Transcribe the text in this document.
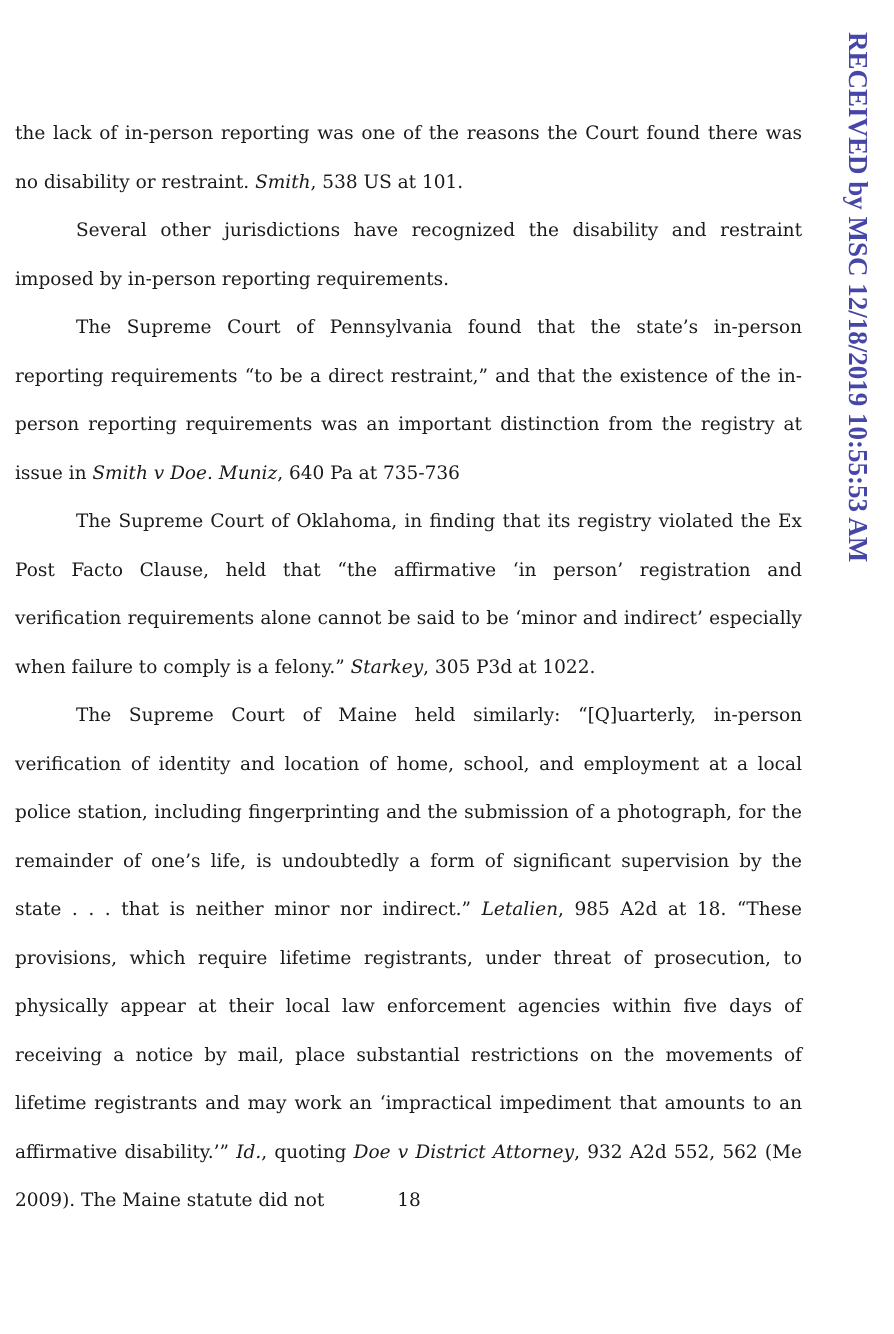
RECEIVED by MSC 12/18/2019 10:55:53 AM

the lack of in-person reporting was one of the reasons the Court found there was no disability or restraint. Smith, 538 US at 101.

Several other jurisdictions have recognized the disability and restraint imposed by in-person reporting requirements.

The Supreme Court of Pennsylvania found that the state’s in-person reporting requirements “to be a direct restraint,” and that the existence of the in-person reporting requirements was an important distinction from the registry at issue in Smith v Doe. Muniz, 640 Pa at 735-736

The Supreme Court of Oklahoma, in finding that its registry violated the Ex Post Facto Clause, held that “the affirmative ‘in person’ registration and verification requirements alone cannot be said to be ‘minor and indirect’ especially when failure to comply is a felony.” Starkey, 305 P3d at 1022.

The Supreme Court of Maine held similarly: “[Q]uarterly, in-person verification of identity and location of home, school, and employment at a local police station, including fingerprinting and the submission of a photograph, for the remainder of one’s life, is undoubtedly a form of significant supervision by the state . . . that is neither minor nor indirect.” Letalien, 985 A2d at 18. “These provisions, which require lifetime registrants, under threat of prosecution, to physically appear at their local law enforcement agencies within five days of receiving a notice by mail, place substantial restrictions on the movements of lifetime registrants and may work an ‘impractical impediment that amounts to an affirmative disability.’” Id., quoting Doe v District Attorney, 932 A2d 552, 562 (Me 2009). The Maine statute did not	18
